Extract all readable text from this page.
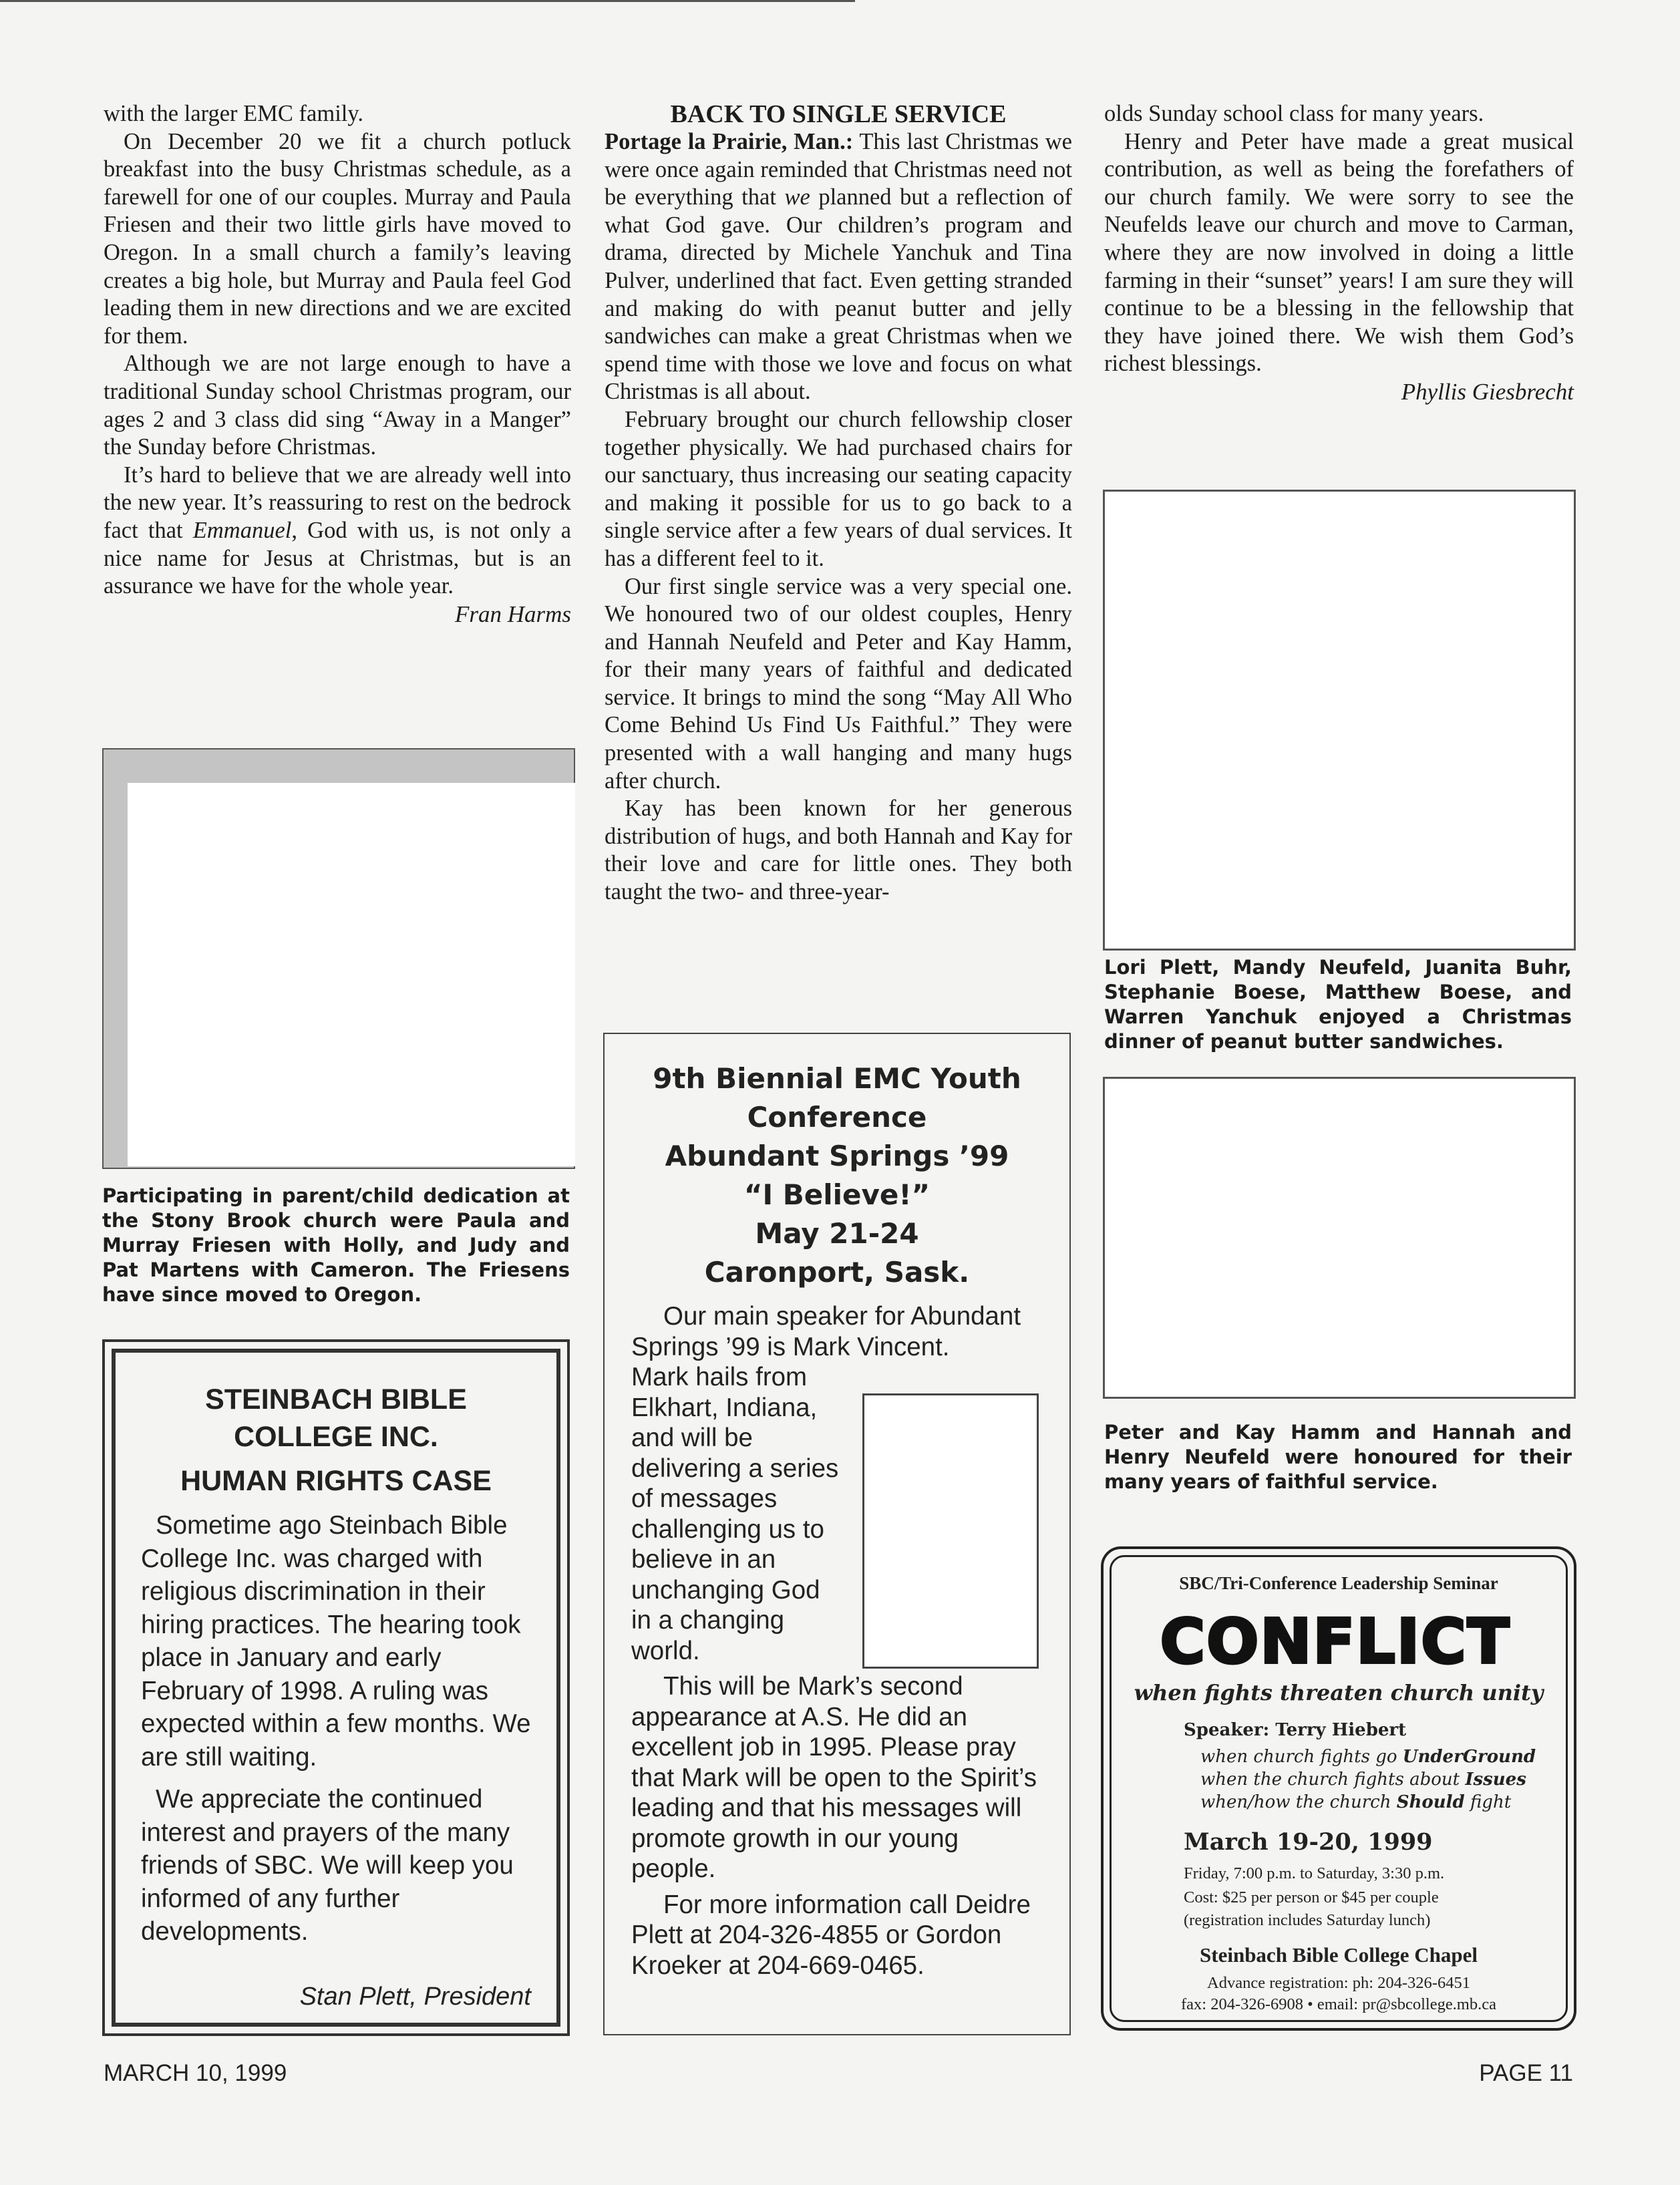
with the larger EMC family.

On December 20 we fit a church potluck breakfast into the busy Christmas schedule, as a farewell for one of our couples. Murray and Paula Friesen and their two little girls have moved to Oregon. In a small church a family’s leaving creates a big hole, but Murray and Paula feel God leading them in new directions and we are excited for them.

Although we are not large enough to have a traditional Sunday school Christmas program, our ages 2 and 3 class did sing “Away in a Manger” the Sunday before Christmas.

It’s hard to believe that we are already well into the new year. It’s reassuring to rest on the bedrock fact that Emmanuel, God with us, is not only a nice name for Jesus at Christmas, but is an assurance we have for the whole year.

Fran Harms
Participating in parent/child dedication at the Stony Brook church were Paula and Murray Friesen with Holly, and Judy and Pat Martens with Cameron. The Friesens have since moved to Oregon.
STEINBACH BIBLE
COLLEGE INC.
HUMAN RIGHTS CASE

Sometime ago Steinbach Bible College Inc. was charged with religious discrimination in their hiring practices. The hearing took place in January and early February of 1998. A ruling was expected within a few months. We are still waiting.

We appreciate the continued interest and prayers of the many friends of SBC. We will keep you informed of any further developments.

Stan Plett, President
BACK TO SINGLE SERVICE

Portage la Prairie, Man.: This last Christmas we were once again reminded that Christmas need not be everything that we planned but a reflection of what God gave. Our children’s program and drama, directed by Michele Yanchuk and Tina Pulver, underlined that fact. Even getting stranded and making do with peanut butter and jelly sandwiches can make a great Christmas when we spend time with those we love and focus on what Christmas is all about.

February brought our church fellowship closer together physically. We had purchased chairs for our sanctuary, thus increasing our seating capacity and making it possible for us to go back to a single service after a few years of dual services. It has a different feel to it.

Our first single service was a very special one. We honoured two of our oldest couples, Henry and Hannah Neufeld and Peter and Kay Hamm, for their many years of faithful and dedicated service. It brings to mind the song “May All Who Come Behind Us Find Us Faithful.” They were presented with a wall hanging and many hugs after church.

Kay has been known for her generous distribution of hugs, and both Hannah and Kay for their love and care for little ones. They both taught the two- and three-year-

9th Biennial EMC Youth
Conference
Abundant Springs ’99
“I Believe!”
May 21-24
Caronport, Sask.

Our main speaker for Abundant Springs ’99 is Mark Vincent.

Mark hails from
Elkhart, Indiana,
and will be
delivering a series
of messages
challenging us to
believe in an
unchanging God
in a changing
world.

This will be Mark’s second appearance at A.S. He did an excellent job in 1995. Please pray that Mark will be open to the Spirit’s leading and that his messages will promote growth in our young people.

For more information call Deidre Plett at 204-326-4855 or Gordon Kroeker at 204-669-0465.

olds Sunday school class for many years.

Henry and Peter have made a great musical contribution, as well as being the forefathers of our church family. We were sorry to see the Neufelds leave our church and move to Carman, where they are now involved in doing a little farming in their “sunset” years! I am sure they will continue to be a blessing in the fellowship that they have joined there. We wish them God’s richest blessings.

Phyllis Giesbrecht
Lori Plett, Mandy Neufeld, Juanita Buhr, Stephanie Boese, Matthew Boese, and Warren Yanchuk enjoyed a Christmas dinner of peanut butter sandwiches.
Peter and Kay Hamm and Hannah and Henry Neufeld were honoured for their many years of faithful service.
SBC/Tri-Conference Leadership Seminar
CONFLICT
when fights threaten church unity
Speaker: Terry Hiebert
when church fights go UnderGround
when the church fights about Issues
when/how the church Should fight
March 19-20, 1999
Friday, 7:00 p.m. to Saturday, 3:30 p.m.
Cost: $25 per person or $45 per couple
(registration includes Saturday lunch)
Steinbach Bible College Chapel
Advance registration: ph: 204-326-6451
fax: 204-326-6908 • email: pr@sbcollege.mb.ca
MARCH 10, 1999	PAGE 11
